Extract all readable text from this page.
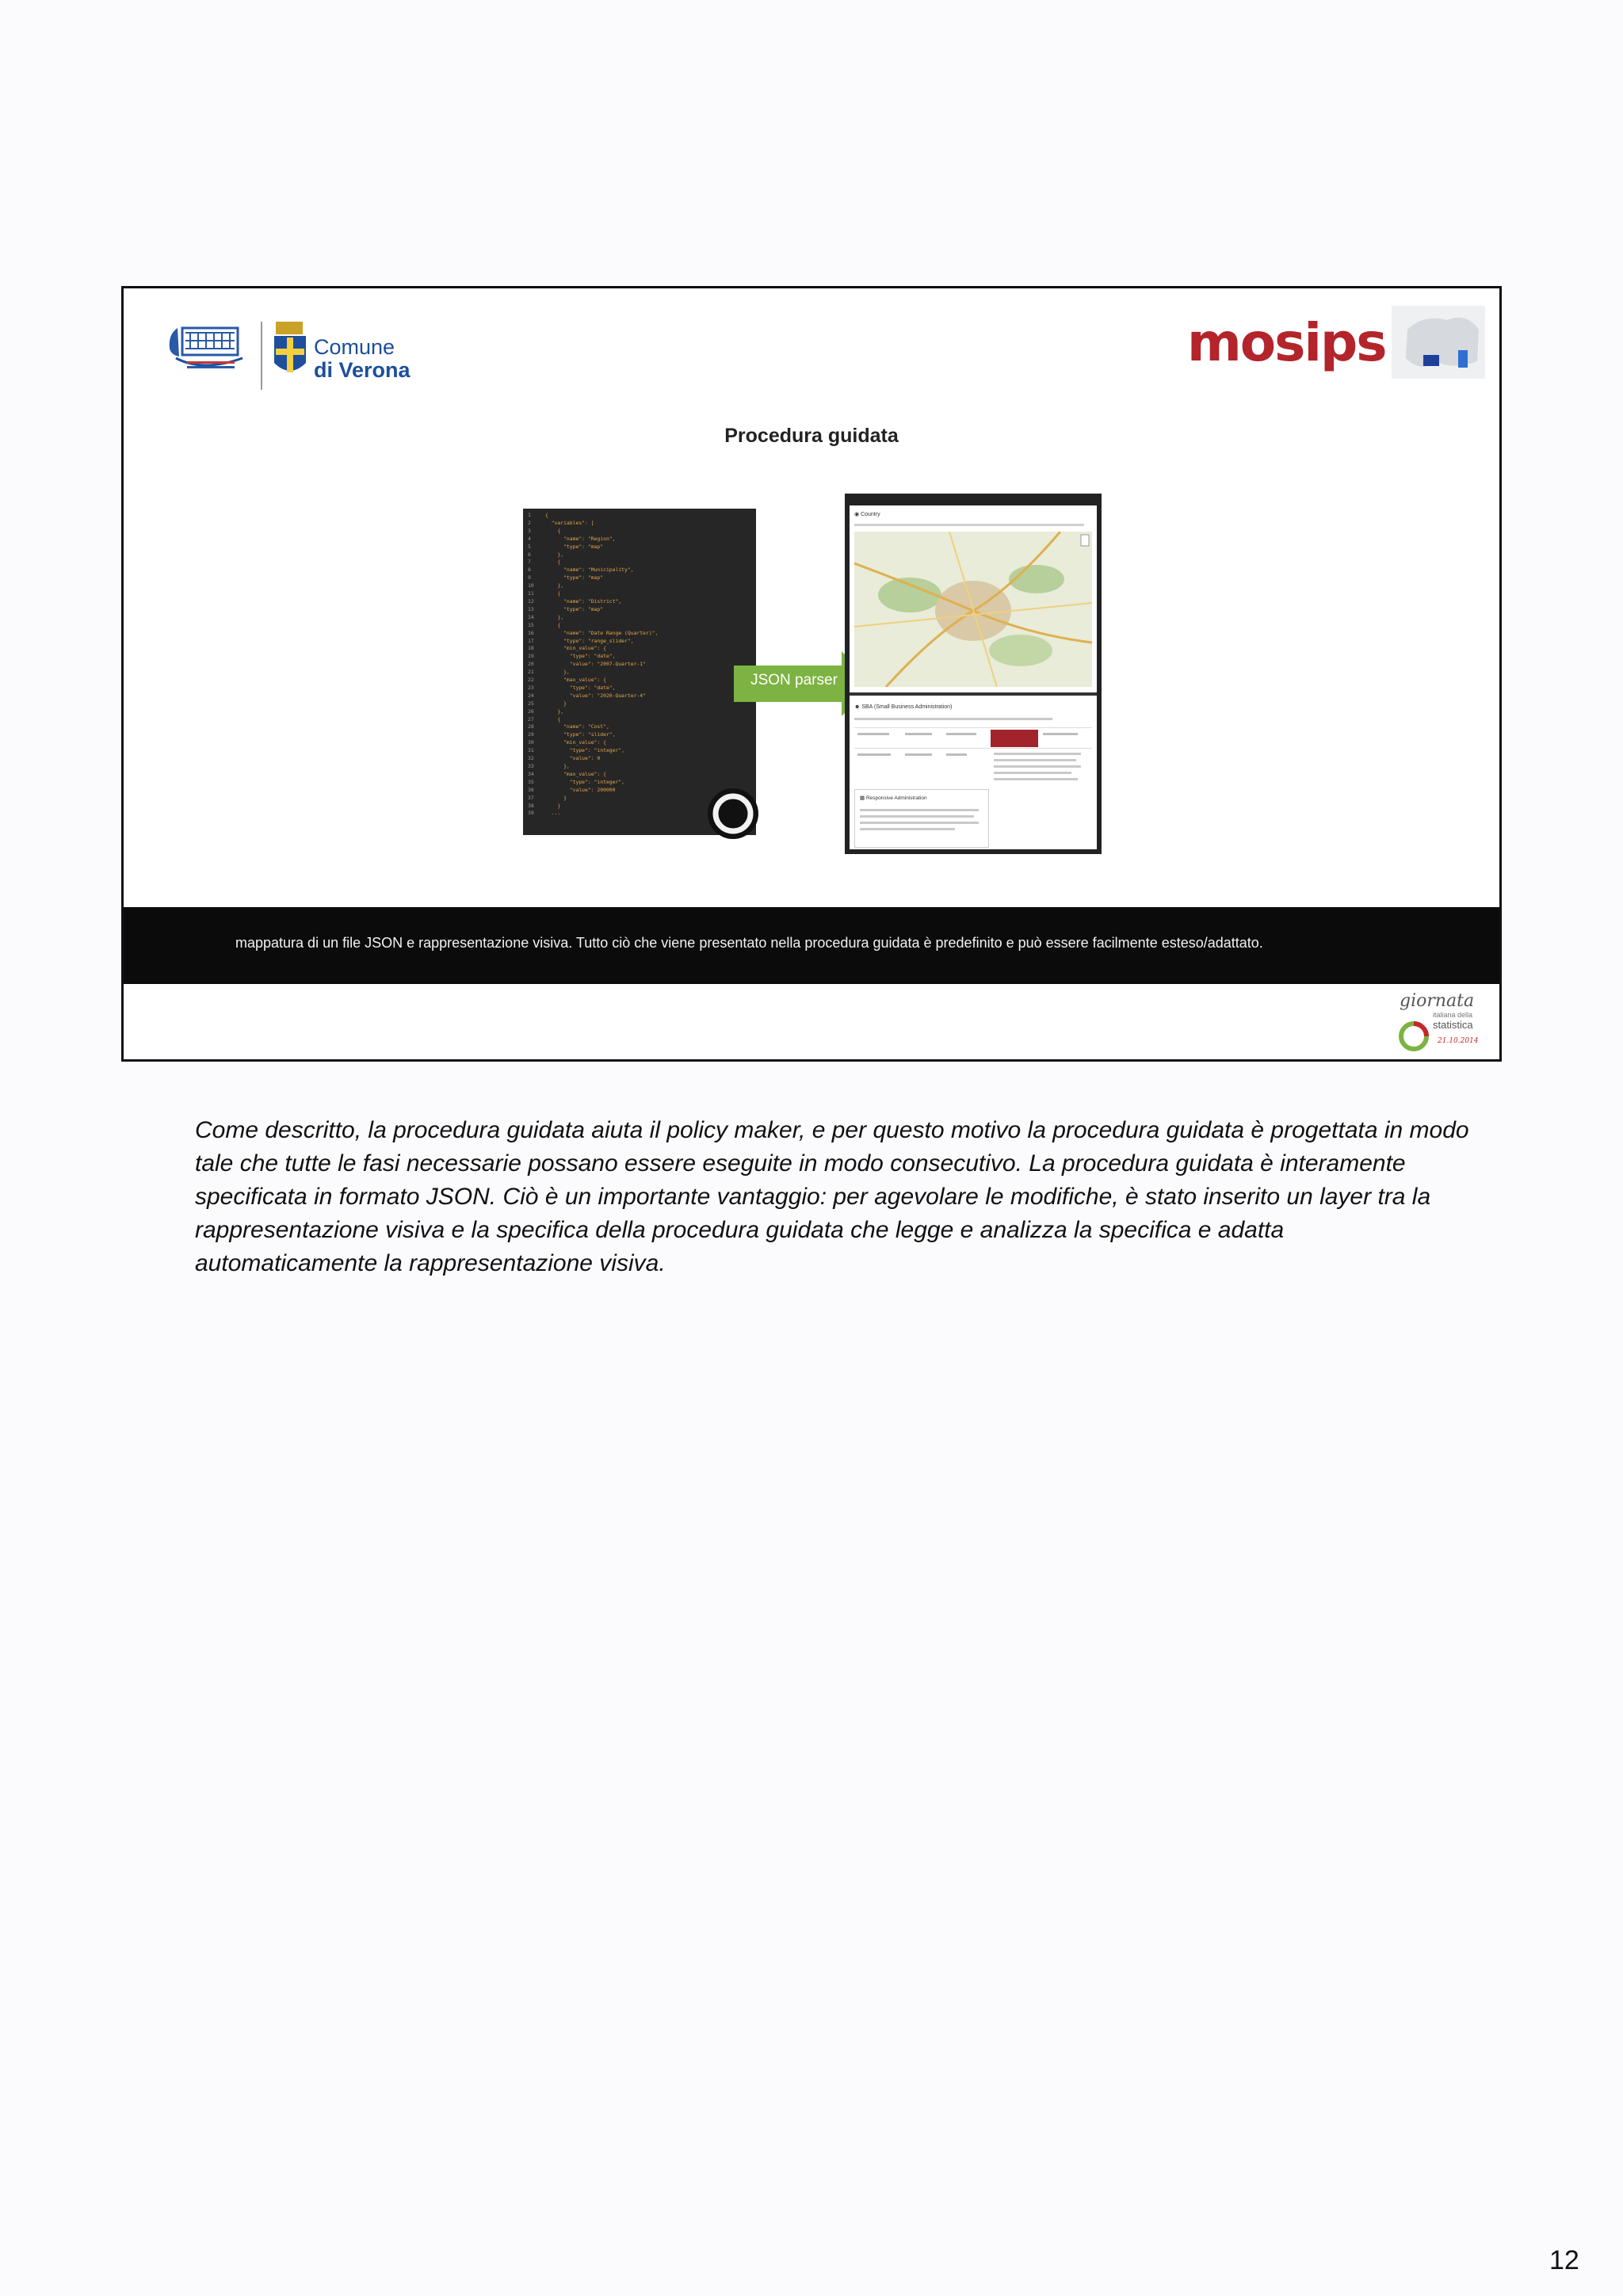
Comune
di Verona	mosips
Procedura guidata
1	{
2	"variables": [
3	{
4	"name": "Region",
5	"type": "map"
6	},
7	{
8	"name": "Municipality",
9	"type": "map"
10    },
11    {
12      "name": "District",
13      "type": "map"
14    },
15    {
16      "name": "Date Range (Quarter)",
17      "type": "range_slider",
18      "min_value": {
19        "type": "date",
20        "value": "2007-Quarter-1"
21      },
22      "max_value": {
23        "type": "date",
24        "value": "2020-Quarter-4"
25      }
26    },
27    {
28      "name": "Cost",
29      "type": "slider",
30      "min_value": {
31        "type": "integer",
32        "value": 0
33      },
34      "max_value": {
35        "type": "integer",
36        "value": 200000
37      }
38    }
39  ...
JSON parser
◉ Country
☻ SBA (Small Business Administration)
▦ Responsive Administration
mappatura di un file JSON e rappresentazione visiva. Tutto ciò che viene presentato nella procedura guidata è predefinito e può essere facilmente esteso/adattato.
giornata
italiana della
statistica
21.10.2014
Come descritto, la procedura guidata aiuta il policy maker, e per questo motivo la procedura guidata è progettata in modo tale che tutte le fasi necessarie possano essere eseguite in modo consecutivo. La procedura guidata è interamente specificata in formato JSON. Ciò è un importante vantaggio: per agevolare le modifiche, è stato inserito un layer tra la rappresentazione visiva e la specifica della procedura guidata che legge e analizza la specifica e adatta automaticamente la rappresentazione visiva.
12
